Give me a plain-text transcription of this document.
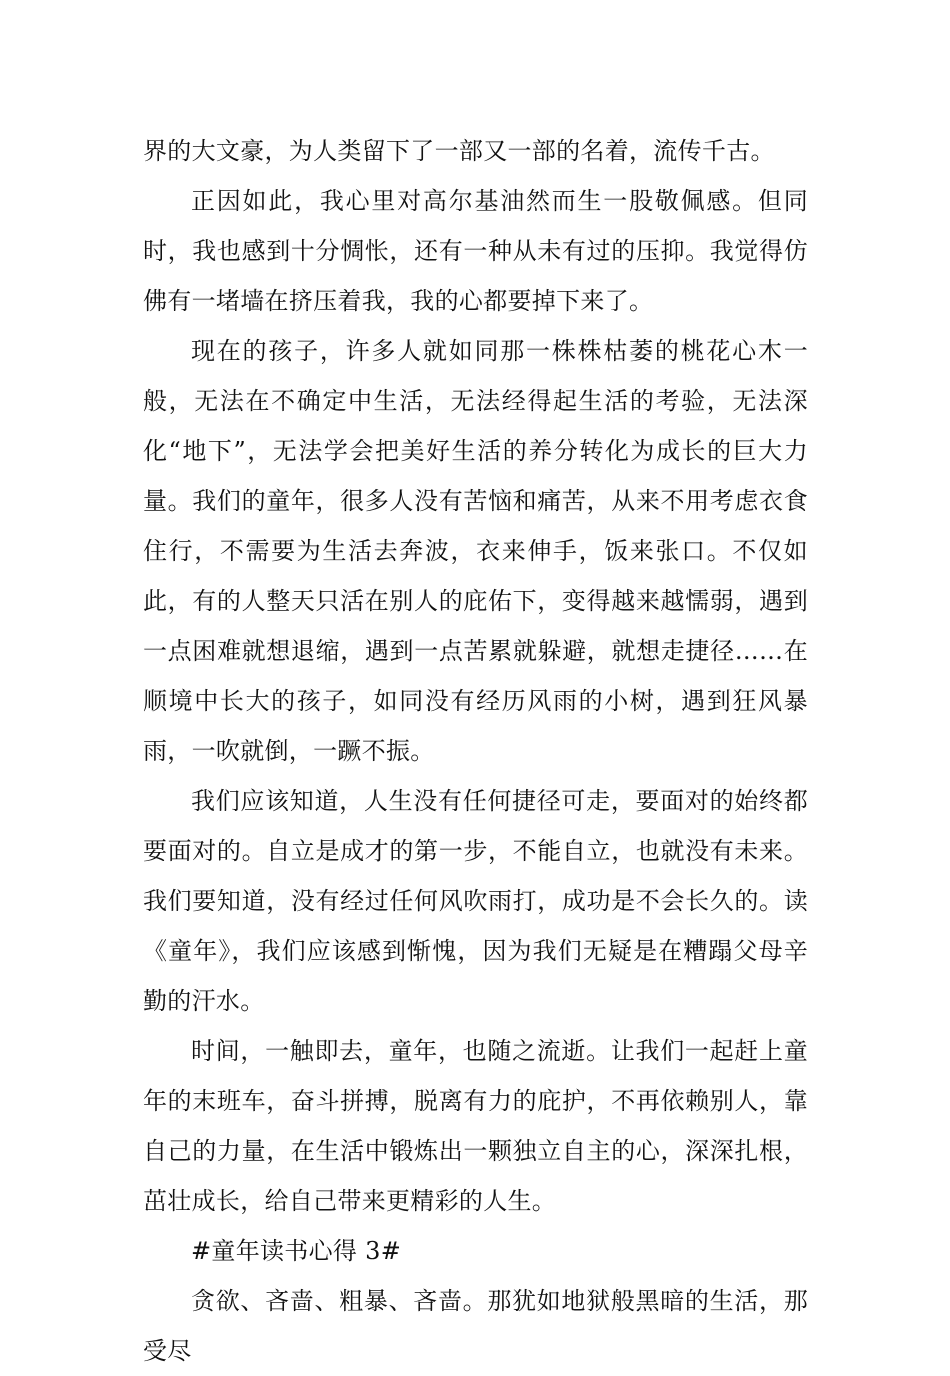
界的大文豪，为人类留下了一部又一部的名着，流传千古。

正因如此，我心里对高尔基油然而生一股敬佩感。但同时，我也感到十分惆怅，还有一种从未有过的压抑。我觉得仿佛有一堵墙在挤压着我，我的心都要掉下来了。

现在的孩子，许多人就如同那一株株枯萎的桃花心木一般，无法在不确定中生活，无法经得起生活的考验，无法深化“地下”，无法学会把美好生活的养分转化为成长的巨大力量。我们的童年，很多人没有苦恼和痛苦，从来不用考虑衣食住行，不需要为生活去奔波，衣来伸手，饭来张口。不仅如此，有的人整天只活在别人的庇佑下，变得越来越懦弱，遇到一点困难就想退缩，遇到一点苦累就躲避，就想走捷径……在顺境中长大的孩子，如同没有经历风雨的小树，遇到狂风暴雨，一吹就倒，一蹶不振。

我们应该知道，人生没有任何捷径可走，要面对的始终都要面对的。自立是成才的第一步，不能自立，也就没有未来。我们要知道，没有经过任何风吹雨打，成功是不会长久的。读《童年》，我们应该感到惭愧，因为我们无疑是在糟蹋父母辛勤的汗水。

时间，一触即去，童年，也随之流逝。让我们一起赶上童年的末班车，奋斗拼搏，脱离有力的庇护，不再依赖别人，靠自己的力量，在生活中锻炼出一颗独立自主的心，深深扎根，茁壮成长，给自己带来更精彩的人生。

#童年读书心得 3#

贪欲、吝啬、粗暴、吝啬。那犹如地狱般黑暗的生活，那受尽
